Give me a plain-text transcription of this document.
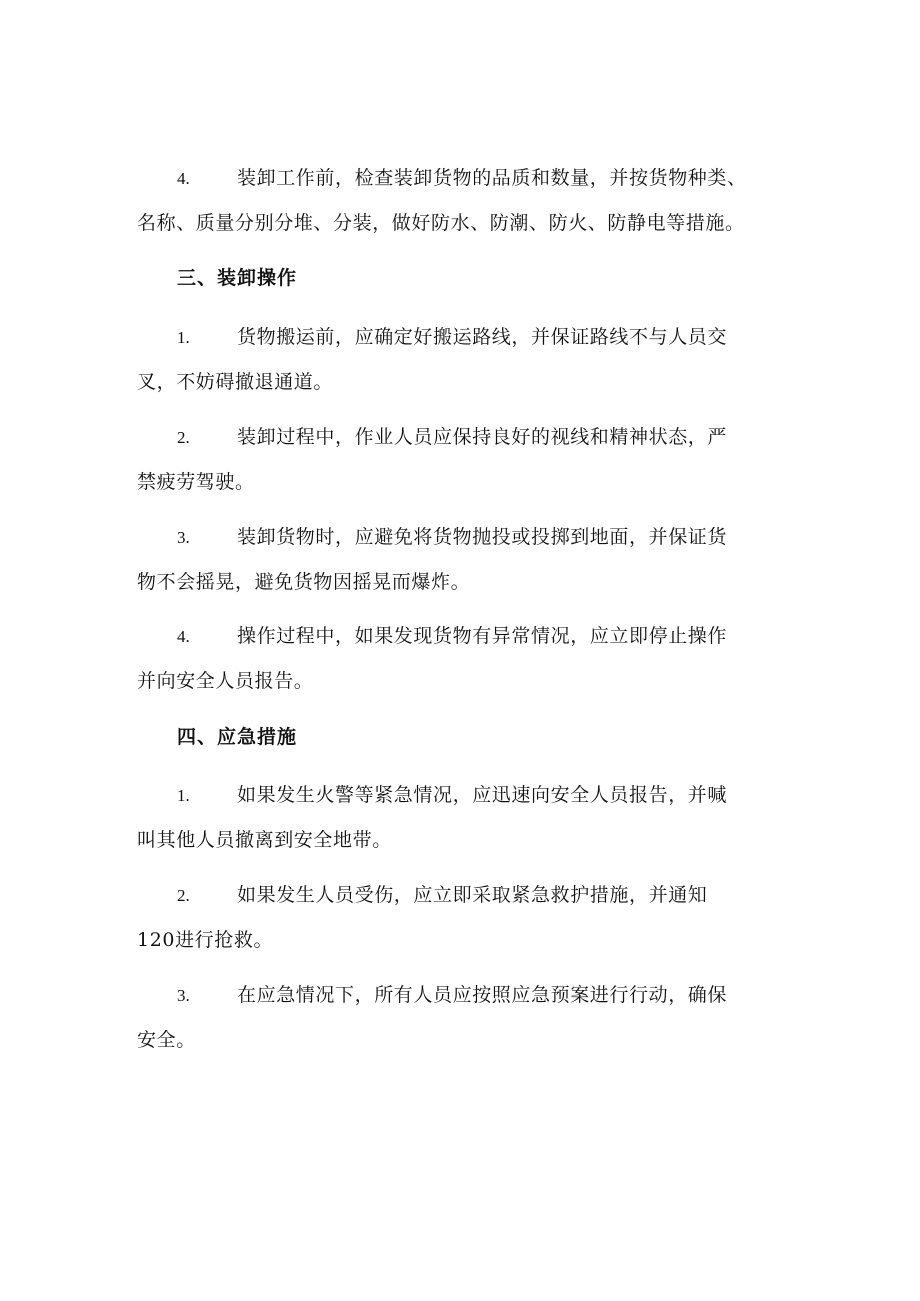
4. 装卸工作前，检查装卸货物的品质和数量，并按货物种类、
名称、质量分别分堆、分装，做好防水、防潮、防火、防静电等措施。
三、装卸操作
1. 货物搬运前，应确定好搬运路线，并保证路线不与人员交
叉，不妨碍撤退通道。
2. 装卸过程中，作业人员应保持良好的视线和精神状态，严
禁疲劳驾驶。
3. 装卸货物时，应避免将货物抛投或投掷到地面，并保证货
物不会摇晃，避免货物因摇晃而爆炸。
4. 操作过程中，如果发现货物有异常情况，应立即停止操作
并向安全人员报告。
四、应急措施
1. 如果发生火警等紧急情况，应迅速向安全人员报告，并喊
叫其他人员撤离到安全地带。
2. 如果发生人员受伤，应立即采取紧急救护措施，并通知
120进行抢救。
3. 在应急情况下，所有人员应按照应急预案进行行动，确保
安全。
